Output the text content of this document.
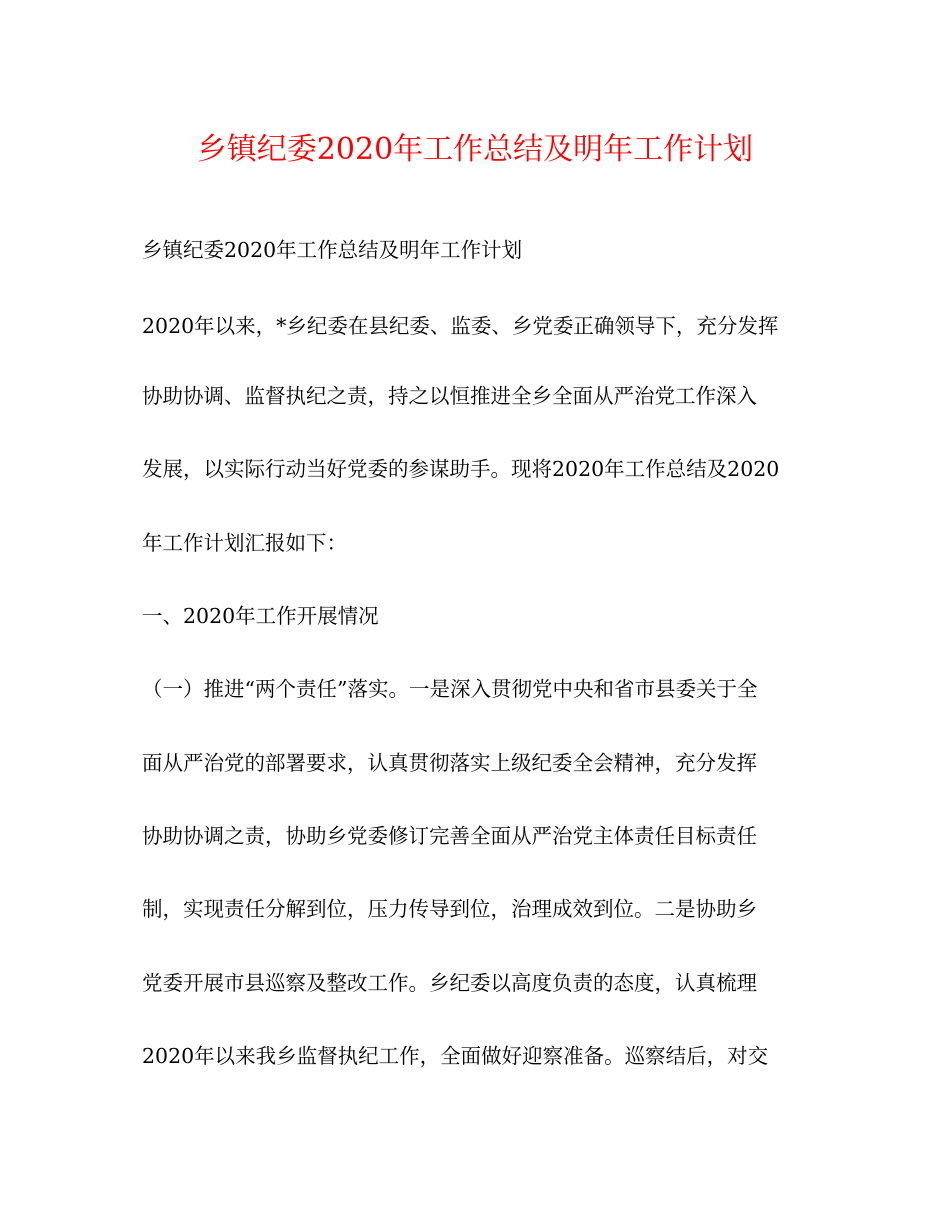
乡镇纪委2020年工作总结及明年工作计划

乡镇纪委2020年工作总结及明年工作计划

2020年以来，*乡纪委在县纪委、监委、乡党委正确领导下，充分发挥

协助协调、监督执纪之责，持之以恒推进全乡全面从严治党工作深入

发展，以实际行动当好党委的参谋助手。现将2020年工作总结及2020

年工作计划汇报如下：

一、2020年工作开展情况

（一）推进“两个责任”落实。一是深入贯彻党中央和省市县委关于全

面从严治党的部署要求，认真贯彻落实上级纪委全会精神，充分发挥

协助协调之责，协助乡党委修订完善全面从严治党主体责任目标责任

制，实现责任分解到位，压力传导到位，治理成效到位。二是协助乡

党委开展市县巡察及整改工作。乡纪委以高度负责的态度，认真梳理

2020年以来我乡监督执纪工作，全面做好迎察准备。巡察结后，对交
